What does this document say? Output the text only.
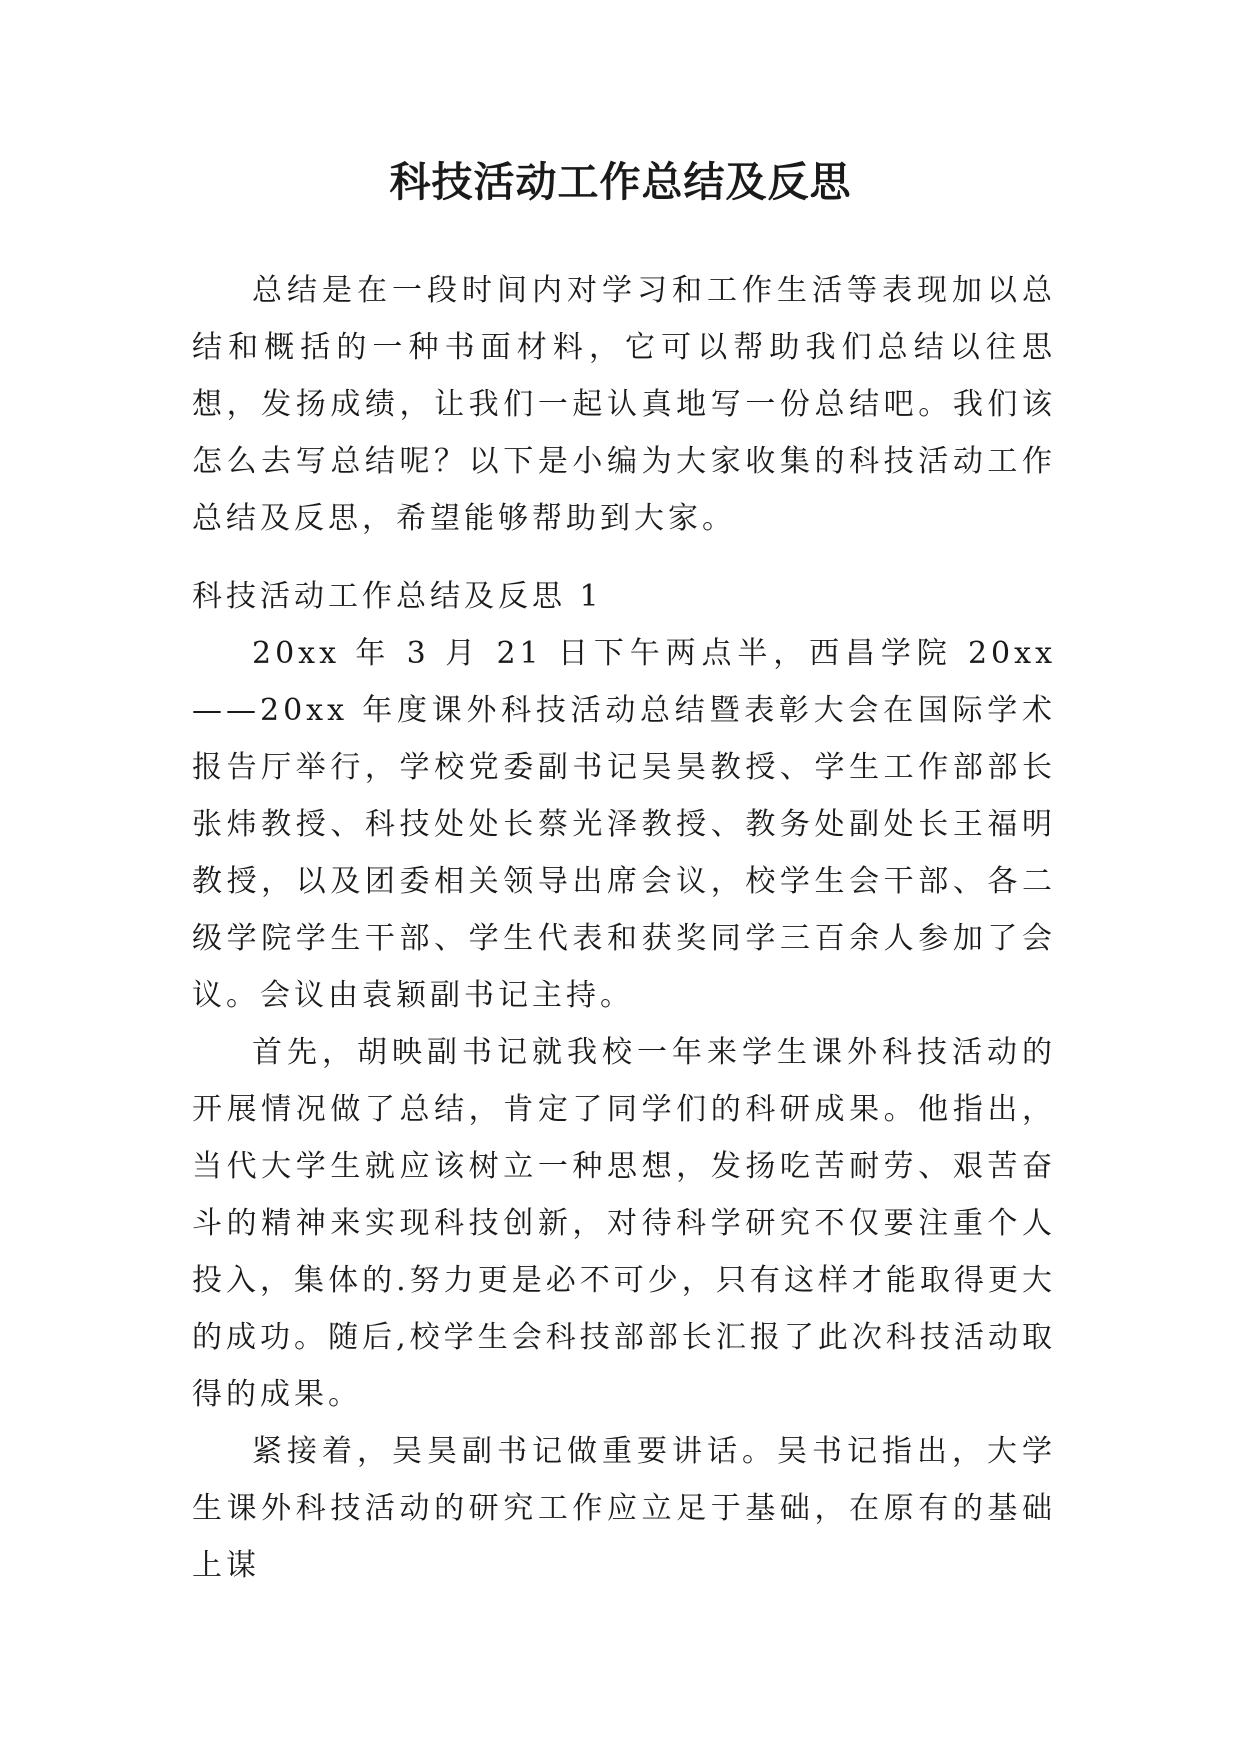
科技活动工作总结及反思

总结是在一段时间内对学习和工作生活等表现加以总结和概括的一种书面材料，它可以帮助我们总结以往思想，发扬成绩，让我们一起认真地写一份总结吧。我们该怎么去写总结呢？以下是小编为大家收集的科技活动工作总结及反思，希望能够帮助到大家。

科技活动工作总结及反思 1

20xx 年 3 月 21 日下午两点半，西昌学院 20xx——20xx 年度课外科技活动总结暨表彰大会在国际学术报告厅举行，学校党委副书记吴昊教授、学生工作部部长张炜教授、科技处处长蔡光泽教授、教务处副处长王福明教授，以及团委相关领导出席会议，校学生会干部、各二级学院学生干部、学生代表和获奖同学三百余人参加了会议。会议由袁颖副书记主持。

首先，胡映副书记就我校一年来学生课外科技活动的开展情况做了总结，肯定了同学们的科研成果。他指出，当代大学生就应该树立一种思想，发扬吃苦耐劳、艰苦奋斗的精神来实现科技创新，对待科学研究不仅要注重个人投入，集体的.努力更是必不可少，只有这样才能取得更大的成功。随后,校学生会科技部部长汇报了此次科技活动取得的成果。

紧接着，吴昊副书记做重要讲话。吴书记指出，大学生课外科技活动的研究工作应立足于基础，在原有的基础上谋
